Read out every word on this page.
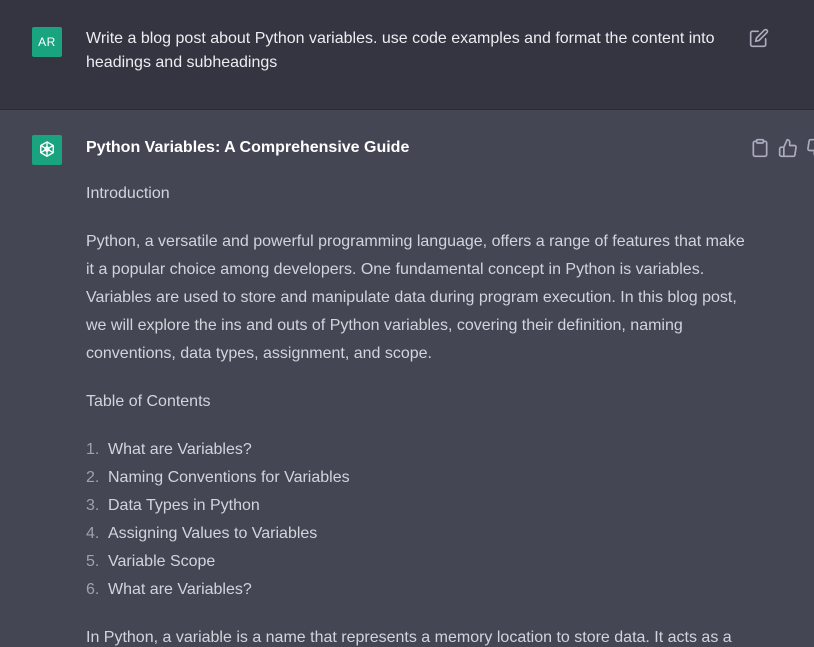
AR	Write a blog post about Python variables. use code examples and format the content into headings and subheadings
Python Variables: A Comprehensive Guide
Introduction
Python, a versatile and powerful programming language, offers a range of features that make it a popular choice among developers. One fundamental concept in Python is variables. Variables are used to store and manipulate data during program execution. In this blog post, we will explore the ins and outs of Python variables, covering their definition, naming conventions, data types, assignment, and scope.
Table of Contents
1. What are Variables?
2. Naming Conventions for Variables
3. Data Types in Python
4. Assigning Values to Variables
5. Variable Scope
6. What are Variables?
In Python, a variable is a name that represents a memory location to store data. It acts as a
